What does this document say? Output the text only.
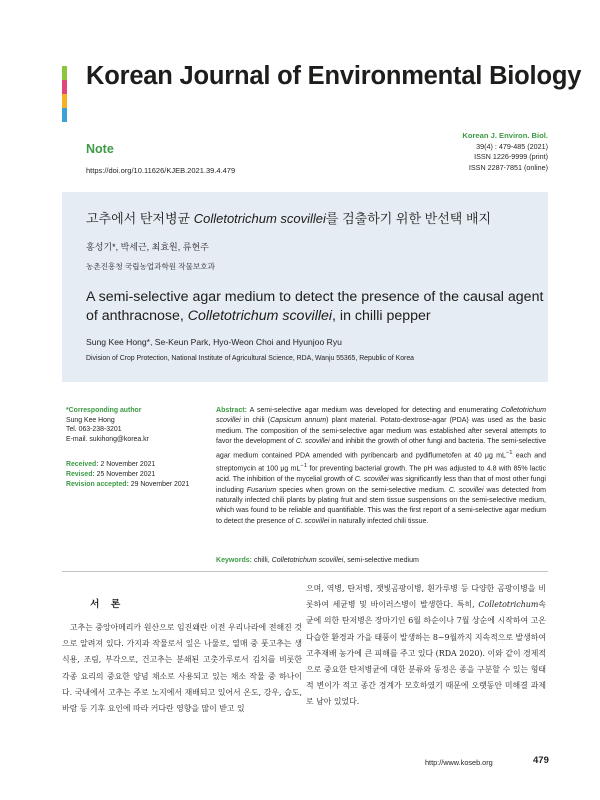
Korean Journal of Environmental Biology
Note
https://doi.org/10.11626/KJEB.2021.39.4.479
Korean J. Environ. Biol.
39(4) : 479-485 (2021)
ISSN 1226-9999 (print)
ISSN 2287-7851 (online)
고추에서 탄저병균 Colletotrichum scovillei를 검출하기 위한 반선택 배지
홍성기*, 박세근, 최효원, 류현주
농촌진흥청 국립농업과학원 작물보호과
A semi-selective agar medium to detect the presence of the causal agent of anthracnose, Colletotrichum scovillei, in chilli pepper
Sung Kee Hong*, Se-Keun Park, Hyo-Weon Choi and Hyunjoo Ryu
Division of Crop Protection, National Institute of Agricultural Science, RDA, Wanju 55365, Republic of Korea
*Corresponding author
Sung Kee Hong
Tel. 063-238-3201
E-mail. sukihong@korea.kr
Received: 2 November 2021
Revised: 25 November 2021
Revision accepted: 29 November 2021
Abstract: A semi-selective agar medium was developed for detecting and enumerating Colletotrichum scovillei in chili (Capsicum annum) plant material. Potato-dextrose-agar (PDA) was used as the basic medium. The composition of the semi-selective agar medium was established after several attempts to favor the development of C. scovillei and inhibit the growth of other fungi and bacteria. The semi-selective agar medium contained PDA amended with pyribencarb and pydiflumetofen at 40 μg $mL^{-1}$ each and streptomycin at 100 μg $mL^{-1}$ for preventing bacterial growth. The pH was adjusted to 4.8 with 85% lactic acid. The inhibition of the mycelial growth of C. scovillei was significantly less than that of most other fungi including Fusarium species when grown on the semi-selective medium. C. scovillei was detected from naturally infected chili plants by plating fruit and stem tissue suspensions on the semi-selective medium, which was found to be reliable and quantifiable. This was the first report of a semi-selective agar medium to detect the presence of C. scovillei in naturally infected chili tissue.
Keywords: chilli, Colletotrichum scovillei, semi-selective medium
서 론
고추는 중앙아메리카 원산으로 임진왜란 이전 우리나라에 전해진 것으로 알려져 있다. 가지과 작물로서 잎은 나물로, 열매 중 풋고추는 생식용, 조림, 부각으로, 건고추는 분쇄된 고춧가루로서 김치를 비롯한 각종 요리의 중요한 양념 채소로 사용되고 있는 채소 작물 중 하나이다. 국내에서 고추는 주로 노지에서 재배되고 있어서 온도, 강우, 습도, 바람 등 기후 요인에 따라 커다란 영향을 많이 받고 있
으며, 역병, 탄저병, 잿빛곰팡이병, 흰가루병 등 다양한 곰팡이병을 비롯하여 세균병 및 바이러스병이 발생한다. 특히, Colletotrichum속 균에 의한 탄저병은 장마기인 6월 하순이나 7월 상순에 시작하여 고온 다습한 환경과 가을 태풍이 발생하는 8~9월까지 지속적으로 발생하여 고추재배 농가에 큰 피해를 주고 있다 (RDA 2020). 이와 같이 경제적으로 중요한 탄저병균에 대한 분류와 동정은 종을 구분할 수 있는 형태적 변이가 적고 종간 경계가 모호하였기 때문에 오랫동안 미해결 과제로 남아 있었다.
http://www.koseb.org	479
